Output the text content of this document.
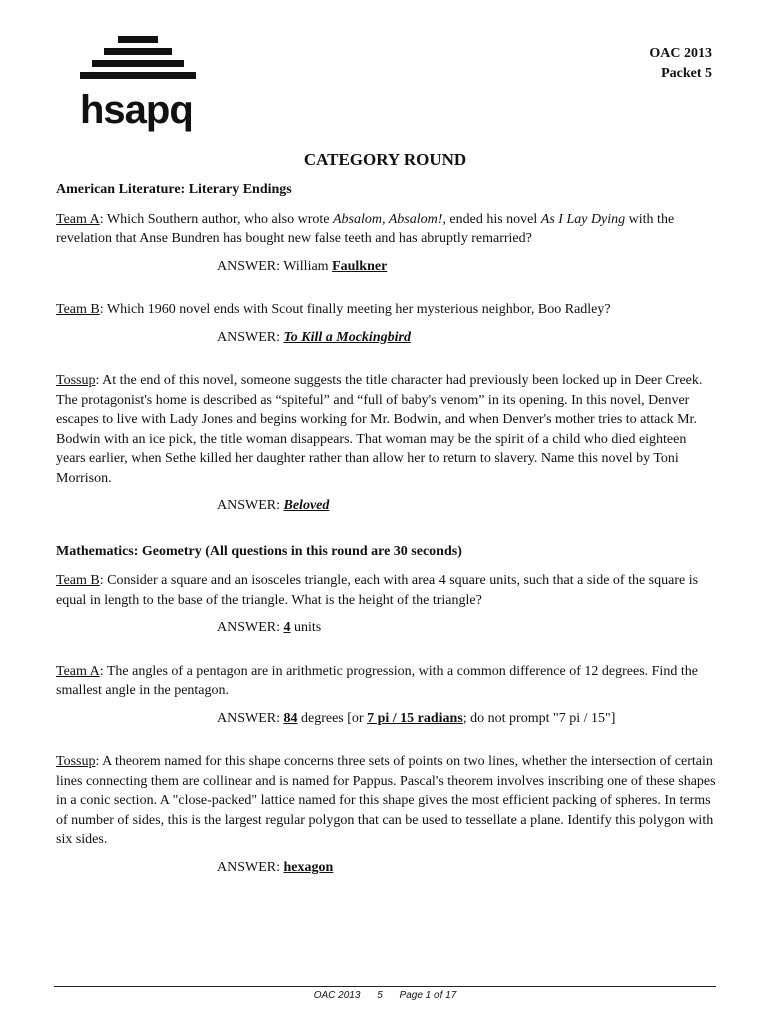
hsapq
OAC 2013
Packet 5
CATEGORY ROUND
American Literature: Literary Endings

Team A: Which Southern author, who also wrote Absalom, Absalom!, ended his novel As I Lay Dying with the revelation that Anse Bundren has bought new false teeth and has abruptly remarried?

ANSWER: William Faulkner

Team B: Which 1960 novel ends with Scout finally meeting her mysterious neighbor, Boo Radley?

ANSWER: To Kill a Mockingbird

Tossup: At the end of this novel, someone suggests the title character had previously been locked up in Deer Creek. The protagonist's home is described as “spiteful” and “full of baby's venom” in its opening. In this novel, Denver escapes to live with Lady Jones and begins working for Mr. Bodwin, and when Denver's mother tries to attack Mr. Bodwin with an ice pick, the title woman disappears. That woman may be the spirit of a child who died eighteen years earlier, when Sethe killed her daughter rather than allow her to return to slavery. Name this novel by Toni Morrison.

ANSWER: Beloved
Mathematics: Geometry (All questions in this round are 30 seconds)

Team B: Consider a square and an isosceles triangle, each with area 4 square units, such that a side of the square is equal in length to the base of the triangle. What is the height of the triangle?

ANSWER: 4 units

Team A: The angles of a pentagon are in arithmetic progression, with a common difference of 12 degrees. Find the smallest angle in the pentagon.

ANSWER: 84 degrees [or 7 pi / 15 radians; do not prompt "7 pi / 15"]

Tossup: A theorem named for this shape concerns three sets of points on two lines, whether the intersection of certain lines connecting them are collinear and is named for Pappus. Pascal's theorem involves inscribing one of these shapes in a conic section. A "close-packed" lattice named for this shape gives the most efficient packing of spheres. In terms of number of sides, this is the largest regular polygon that can be used to tessellate a plane. Identify this polygon with six sides.

ANSWER: hexagon
OAC 2013 5 Page 1 of 17
